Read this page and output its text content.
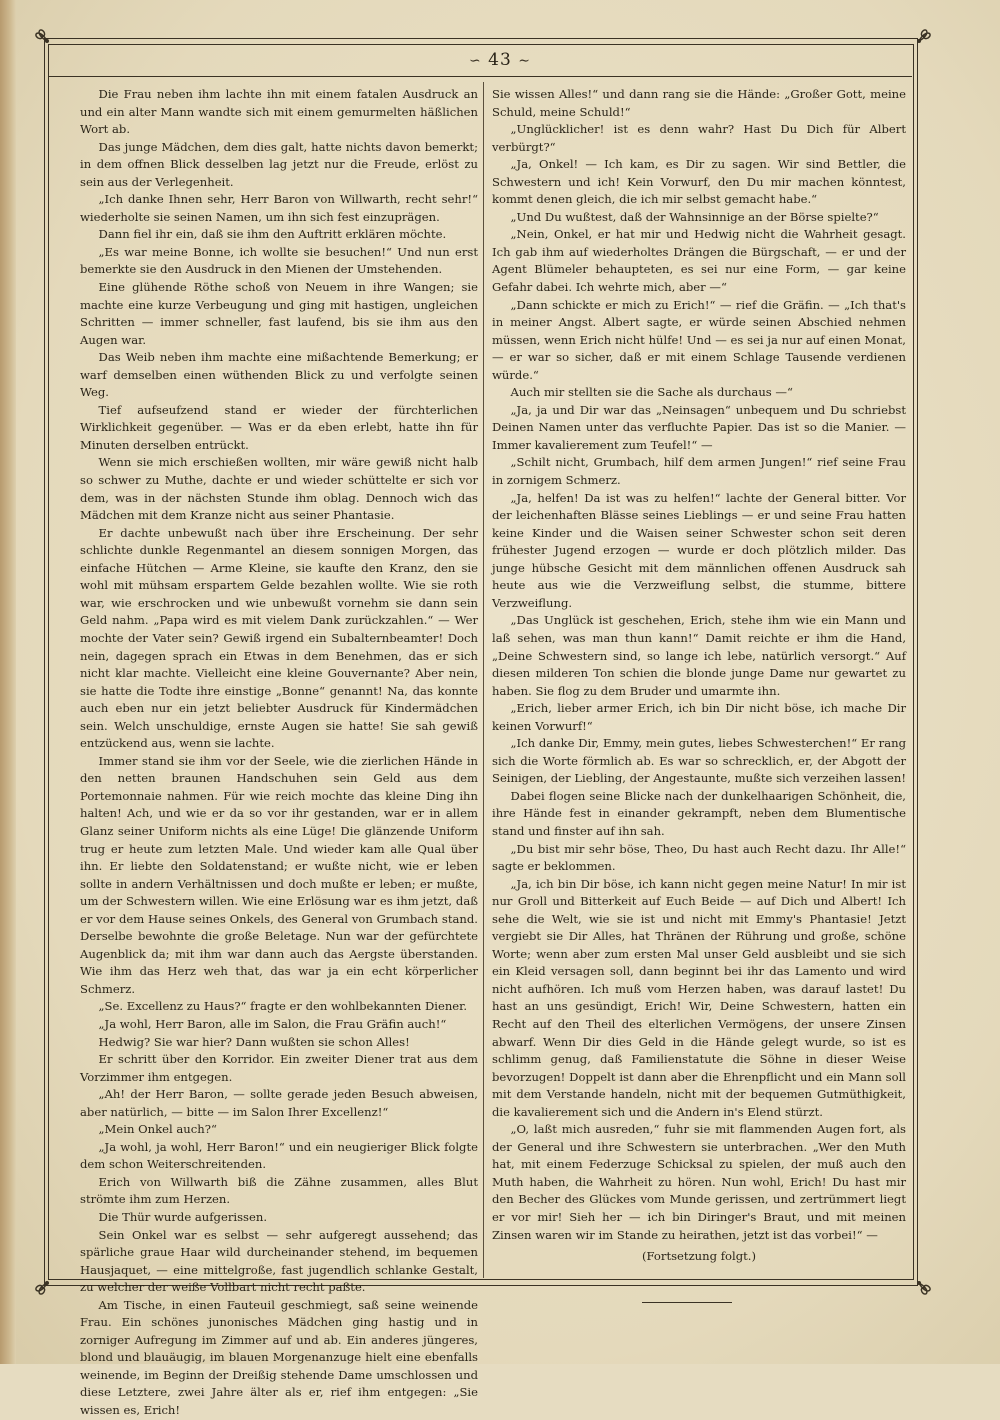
∽ 43 ∼

Die Frau neben ihm lachte ihn mit einem fatalen Ausdruck an und ein alter Mann wandte sich mit einem gemurmelten häßlichen Wort ab.

Das junge Mädchen, dem dies galt, hatte nichts davon bemerkt; in dem offnen Blick desselben lag jetzt nur die Freude, erlöst zu sein aus der Verlegenheit.

„Ich danke Ihnen sehr, Herr Baron von Willwarth, recht sehr!“ wiederholte sie seinen Namen, um ihn sich fest einzuprägen.

Dann fiel ihr ein, daß sie ihm den Auftritt erklären möchte.

„Es war meine Bonne, ich wollte sie besuchen!“ Und nun erst bemerkte sie den Ausdruck in den Mienen der Umstehenden.

Eine glühende Röthe schoß von Neuem in ihre Wangen; sie machte eine kurze Verbeugung und ging mit hastigen, ungleichen Schritten — immer schneller, fast laufend, bis sie ihm aus den Augen war.

Das Weib neben ihm machte eine mißachtende Bemerkung; er warf demselben einen wüthenden Blick zu und verfolgte seinen Weg.

Tief aufseufzend stand er wieder der fürchterlichen Wirklichkeit gegenüber. — Was er da eben erlebt, hatte ihn für Minuten derselben entrückt.

Wenn sie mich erschießen wollten, mir wäre gewiß nicht halb so schwer zu Muthe, dachte er und wieder schüttelte er sich vor dem, was in der nächsten Stunde ihm oblag. Dennoch wich das Mädchen mit dem Kranze nicht aus seiner Phantasie.

Er dachte unbewußt nach über ihre Erscheinung. Der sehr schlichte dunkle Regenmantel an diesem sonnigen Morgen, das einfache Hütchen — Arme Kleine, sie kaufte den Kranz, den sie wohl mit mühsam erspartem Gelde bezahlen wollte. Wie sie roth war, wie erschrocken und wie unbewußt vornehm sie dann sein Geld nahm. „Papa wird es mit vielem Dank zurückzahlen.“ — Wer mochte der Vater sein? Gewiß irgend ein Subalternbeamter! Doch nein, dagegen sprach ein Etwas in dem Benehmen, das er sich nicht klar machte. Vielleicht eine kleine Gouvernante? Aber nein, sie hatte die Todte ihre einstige „Bonne“ genannt! Na, das konnte auch eben nur ein jetzt beliebter Ausdruck für Kindermädchen sein. Welch unschuldige, ernste Augen sie hatte! Sie sah gewiß entzückend aus, wenn sie lachte.

Immer stand sie ihm vor der Seele, wie die zierlichen Hände in den netten braunen Handschuhen sein Geld aus dem Portemonnaie nahmen. Für wie reich mochte das kleine Ding ihn halten! Ach, und wie er da so vor ihr gestanden, war er in allem Glanz seiner Uniform nichts als eine Lüge! Die glänzende Uniform trug er heute zum letzten Male. Und wieder kam alle Qual über ihn. Er liebte den Soldatenstand; er wußte nicht, wie er leben sollte in andern Verhältnissen und doch mußte er leben; er mußte, um der Schwestern willen. Wie eine Erlösung war es ihm jetzt, daß er vor dem Hause seines Onkels, des General von Grumbach stand. Derselbe bewohnte die große Beletage. Nun war der gefürchtete Augenblick da; mit ihm war dann auch das Aergste überstanden. Wie ihm das Herz weh that, das war ja ein echt körperlicher Schmerz.

„Se. Excellenz zu Haus?“ fragte er den wohlbekannten Diener.

„Ja wohl, Herr Baron, alle im Salon, die Frau Gräfin auch!“

Hedwig? Sie war hier? Dann wußten sie schon Alles!

Er schritt über den Korridor. Ein zweiter Diener trat aus dem Vorzimmer ihm entgegen.

„Ah! der Herr Baron, — sollte gerade jeden Besuch abweisen, aber natürlich, — bitte — im Salon Ihrer Excellenz!“

„Mein Onkel auch?“

„Ja wohl, ja wohl, Herr Baron!“ und ein neugieriger Blick folgte dem schon Weiterschreitenden.

Erich von Willwarth biß die Zähne zusammen, alles Blut strömte ihm zum Herzen.

Die Thür wurde aufgerissen.

Sein Onkel war es selbst — sehr aufgeregt aussehend; das spärliche graue Haar wild durcheinander stehend, im bequemen Hausjaquet, — eine mittelgroße, fast jugendlich schlanke Gestalt, zu welcher der weiße Vollbart nicht recht paßte.

Am Tische, in einen Fauteuil geschmiegt, saß seine weinende Frau. Ein schönes junonisches Mädchen ging hastig und in zorniger Aufregung im Zimmer auf und ab. Ein anderes jüngeres, blond und blauäugig, im blauen Morgenanzuge hielt eine ebenfalls weinende, im Beginn der Dreißig stehende Dame umschlossen und diese Letztere, zwei Jahre älter als er, rief ihm entgegen: „Sie wissen es, Erich!

Sie wissen Alles!“ und dann rang sie die Hände: „Großer Gott, meine Schuld, meine Schuld!“

„Unglücklicher! ist es denn wahr? Hast Du Dich für Albert verbürgt?“

„Ja, Onkel! — Ich kam, es Dir zu sagen. Wir sind Bettler, die Schwestern und ich! Kein Vorwurf, den Du mir machen könntest, kommt denen gleich, die ich mir selbst gemacht habe.“

„Und Du wußtest, daß der Wahnsinnige an der Börse spielte?“

„Nein, Onkel, er hat mir und Hedwig nicht die Wahrheit gesagt. Ich gab ihm auf wiederholtes Drängen die Bürgschaft, — er und der Agent Blümeler behaupteten, es sei nur eine Form, — gar keine Gefahr dabei. Ich wehrte mich, aber —“

„Dann schickte er mich zu Erich!“ — rief die Gräfin. — „Ich that's in meiner Angst. Albert sagte, er würde seinen Abschied nehmen müssen, wenn Erich nicht hülfe! Und — es sei ja nur auf einen Monat, — er war so sicher, daß er mit einem Schlage Tausende verdienen würde.“

Auch mir stellten sie die Sache als durchaus —“

„Ja, ja und Dir war das „Neinsagen“ unbequem und Du schriebst Deinen Namen unter das verfluchte Papier. Das ist so die Manier. — Immer kavalierement zum Teufel!“ —

„Schilt nicht, Grumbach, hilf dem armen Jungen!“ rief seine Frau in zornigem Schmerz.

„Ja, helfen! Da ist was zu helfen!“ lachte der General bitter. Vor der leichenhaften Blässe seines Lieblings — er und seine Frau hatten keine Kinder und die Waisen seiner Schwester schon seit deren frühester Jugend erzogen — wurde er doch plötzlich milder. Das junge hübsche Gesicht mit dem männlichen offenen Ausdruck sah heute aus wie die Verzweiflung selbst, die stumme, bittere Verzweiflung.

„Das Unglück ist geschehen, Erich, stehe ihm wie ein Mann und laß sehen, was man thun kann!“ Damit reichte er ihm die Hand, „Deine Schwestern sind, so lange ich lebe, natürlich versorgt.“ Auf diesen milderen Ton schien die blonde junge Dame nur gewartet zu haben. Sie flog zu dem Bruder und umarmte ihn.

„Erich, lieber armer Erich, ich bin Dir nicht böse, ich mache Dir keinen Vorwurf!“

„Ich danke Dir, Emmy, mein gutes, liebes Schwesterchen!“ Er rang sich die Worte förmlich ab. Es war so schrecklich, er, der Abgott der Seinigen, der Liebling, der Angestaunte, mußte sich verzeihen lassen!

Dabei flogen seine Blicke nach der dunkelhaarigen Schönheit, die, ihre Hände fest in einander gekrampft, neben dem Blumentische stand und finster auf ihn sah.

„Du bist mir sehr böse, Theo, Du hast auch Recht dazu. Ihr Alle!“ sagte er beklommen.

„Ja, ich bin Dir böse, ich kann nicht gegen meine Natur! In mir ist nur Groll und Bitterkeit auf Euch Beide — auf Dich und Albert! Ich sehe die Welt, wie sie ist und nicht mit Emmy's Phantasie! Jetzt vergiebt sie Dir Alles, hat Thränen der Rührung und große, schöne Worte; wenn aber zum ersten Mal unser Geld ausbleibt und sie sich ein Kleid versagen soll, dann beginnt bei ihr das Lamento und wird nicht aufhören. Ich muß vom Herzen haben, was darauf lastet! Du hast an uns gesündigt, Erich! Wir, Deine Schwestern, hatten ein Recht auf den Theil des elterlichen Vermögens, der unsere Zinsen abwarf. Wenn Dir dies Geld in die Hände gelegt wurde, so ist es schlimm genug, daß Familienstatute die Söhne in dieser Weise bevorzugen! Doppelt ist dann aber die Ehrenpflicht und ein Mann soll mit dem Verstande handeln, nicht mit der bequemen Gutmüthigkeit, die kavalierement sich und die Andern in's Elend stürzt.

„O, laßt mich ausreden,“ fuhr sie mit flammenden Augen fort, als der General und ihre Schwestern sie unterbrachen. „Wer den Muth hat, mit einem Federzuge Schicksal zu spielen, der muß auch den Muth haben, die Wahrheit zu hören. Nun wohl, Erich! Du hast mir den Becher des Glückes vom Munde gerissen, und zertrümmert liegt er vor mir! Sieh her — ich bin Diringer's Braut, und mit meinen Zinsen waren wir im Stande zu heirathen, jetzt ist das vorbei!“ —

(Fortsetzung folgt.)
